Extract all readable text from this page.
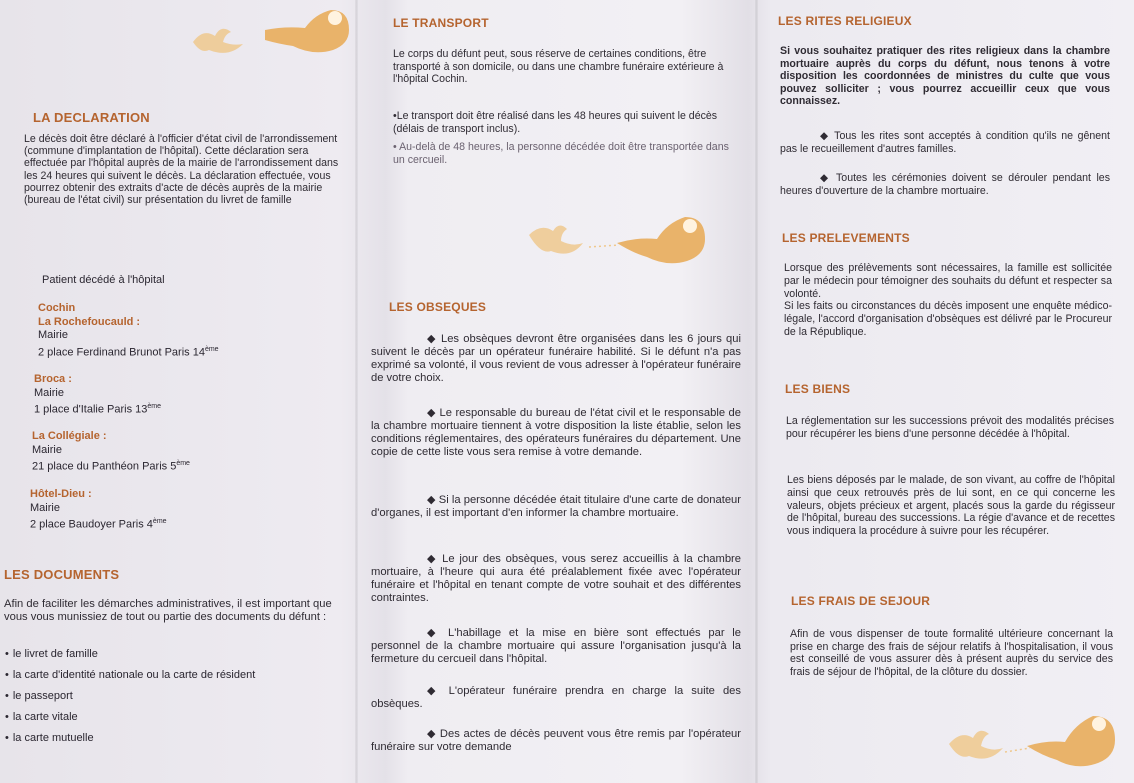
LA DECLARATION

Le décès doit être déclaré à l'officier d'état civil de l'arrondissement (commune d'implantation de l'hôpital). Cette déclaration sera effectuée par l'hôpital auprès de la mairie de l'arrondissement dans les 24 heures qui suivent le décès. La déclaration effectuée, vous pourrez obtenir des extraits d'acte de décès auprès de la mairie (bureau de l'état civil) sur présentation du livret de famille

Patient décédé à l'hôpital
Cochin
La Rochefoucauld :
Mairie
2 place Ferdinand Brunot Paris 14ème
Broca :
Mairie
1 place d'Italie Paris 13ème
La Collégiale :
Mairie
21 place du Panthéon Paris 5ème
Hôtel-Dieu :
Mairie
2 place Baudoyer Paris 4ème
LES DOCUMENTS

Afin de faciliter les démarches administratives, il est important que vous vous munissiez de tout ou partie des documents du défunt :

• le livret de famille
• la carte d'identité nationale ou la carte de résident
• le passeport
• la carte vitale
• la carte mutuelle
LE TRANSPORT

Le corps du défunt peut, sous réserve de certaines conditions, être transporté à son domicile, ou dans une chambre funéraire extérieure à l'hôpital Cochin.

•Le transport doit être réalisé dans les 48 heures qui suivent le décès (délais de transport inclus).

• Au-delà de 48 heures, la personne décédée doit être transportée dans un cercueil.

LES OBSEQUES

◆ Les obsèques devront être organisées dans les 6 jours qui suivent le décès par un opérateur funéraire habilité. Si le défunt n'a pas exprimé sa volonté, il vous revient de vous adresser à l'opérateur funéraire de votre choix.

◆ Le responsable du bureau de l'état civil et le responsable de la chambre mortuaire tiennent à votre disposition la liste établie, selon les conditions réglementaires, des opérateurs funéraires du département. Une copie de cette liste vous sera remise à votre demande.

◆ Si la personne décédée était titulaire d'une carte de donateur d'organes, il est important d'en informer la chambre mortuaire.

◆ Le jour des obsèques, vous serez accueillis à la chambre mortuaire, à l'heure qui aura été préalablement fixée avec l'opérateur funéraire et l'hôpital en tenant compte de votre souhait et des différentes contraintes.

◆ L'habillage et la mise en bière sont effectués par le personnel de la chambre mortuaire qui assure l'organisation jusqu'à la fermeture du cercueil dans l'hôpital.

◆ L'opérateur funéraire prendra en charge la suite des obsèques.

◆ Des actes de décès peuvent vous être remis par l'opérateur funéraire sur votre demande

LES RITES RELIGIEUX

Si vous souhaitez pratiquer des rites religieux dans la chambre mortuaire auprès du corps du défunt, nous tenons à votre disposition les coordonnées de ministres du culte que vous pouvez solliciter ; vous pourrez accueillir ceux que vous connaissez.

◆ Tous les rites sont acceptés à condition qu'ils ne gênent pas le recueillement d'autres familles.

◆ Toutes les cérémonies doivent se dérouler pendant les heures d'ouverture de la chambre mortuaire.

LES PRELEVEMENTS

Lorsque des prélèvements sont nécessaires, la famille est sollicitée par le médecin pour témoigner des souhaits du défunt et respecter sa volonté.
Si les faits ou circonstances du décès imposent une enquête médico-légale, l'accord d'organisation d'obsèques est délivré par le Procureur de la République.

LES BIENS

La réglementation sur les successions prévoit des modalités précises pour récupérer les biens d'une personne décédée à l'hôpital.

Les biens déposés par le malade, de son vivant, au coffre de l'hôpital ainsi que ceux retrouvés près de lui sont, en ce qui concerne les valeurs, objets précieux et argent, placés sous la garde du régisseur de l'hôpital, bureau des successions. La régie d'avance et de recettes vous indiquera la procédure à suivre pour les récupérer.

LES FRAIS DE SEJOUR

Afin de vous dispenser de toute formalité ultérieure concernant la prise en charge des frais de séjour relatifs à l'hospitalisation, il vous est conseillé de vous assurer dès à présent auprès du service des frais de séjour de l'hôpital, de la clôture du dossier.
